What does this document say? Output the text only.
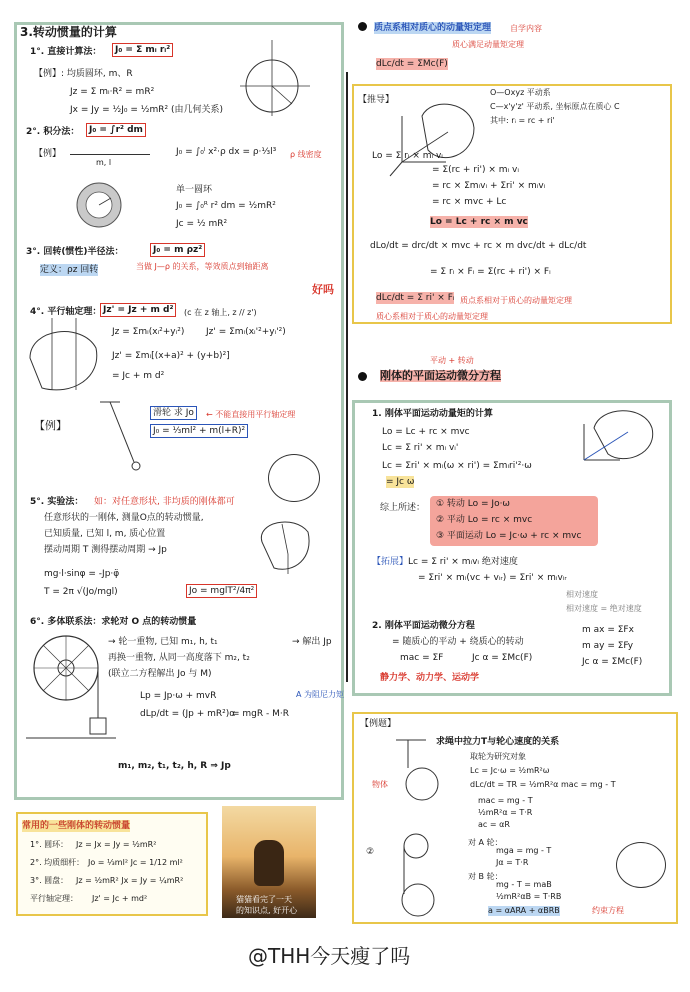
3.转动惯量的计算
1°. 直接计算法：	J₀ = Σ mᵢ rᵢ²
【例】: 均质圆环, m、R
Jz = Σ mᵢ·R² = mR²
Jx = Jy = ½J₀ = ½mR² (由几何关系)
2°. 积分法：	J₀ = ∫r² dm
【例】
m, l
J₀ = ∫₀ˡ x²·ρ dx = ρ·⅓l³ ρ 线密度
单一圆环
J₀ = ∫₀ᴿ r² dm = ½mR²
Jc = ⅟₂ mR²
3°. 回转(惯性)半径法：	J₀ = m ρz²
定义：ρz 回转	当做 J—ρ 的关系，等效质点到轴距离
好吗
4°. 平行轴定理： Jz' = Jz + m d²	(c 在 z 轴上, z // z')
Jz = Σmᵢ(xᵢ²+yᵢ²) Jz' = Σmᵢ(xᵢ'²+yᵢ'²)
Jz' = Σmᵢ[(x+a)² + (y+b)²]
= Jc + m d²
【例】
滑轮 求 Jo
J₀ = ⅓ml² + m(l+R)²
← 不能直接用平行轴定理
5°. 实验法： 如：对任意形状, 非均质的刚体都可
任意形状的一刚体, 测量O点的转动惯量,
已知质量, 已知 l, m, 质心位置
摆动周期 T 测得摆动周期 → Jp
mg·l·sinφ = -Jp·φ̈
T = 2π √(Jo/mgl)	Jo = mglT²/4π²
6°. 多体联系法：求轮对 O 点的转动惯量
→ 轮一重物, 已知 m₁, h, t₁
再换一重物, 从同一高度落下 m₂, t₂
(联立二方程解出 Jo 与 M)
→ 解出 Jp
Lp = Jp·ω + mvR
dLp/dt = (Jp + mR²)α
= mgR - M·R
A 为阻尼力矩
m₁, m₂, t₁, t₂, h, R ⇒ Jp
常用的一些刚体的转动惯量
1°. 圆环： Jz = Jx = Jy = ½mR²
2°. 均质细杆： Jo = ⅓ml² Jc = 1/12 ml²
3°. 圆盘： Jz = ½mR² Jx = Jy = ¼mR²
平行轴定理： Jz' = Jc + md²	猫猫看完了一天
的知识点, 好开心
质点系相对质心的动量矩定理 自学内容
质心满足动量矩定理
dLc/dt = ΣMc(F)
【推导】
O—Oxyz 平动系
C—x'y'z' 平动系, 坐标原点在质心 C
其中: rᵢ = rc + ri'
Lo = Σ rᵢ × mᵢ vᵢ
= Σ(rc + ri') × mᵢ vᵢ
= rc × Σmᵢvᵢ + Σri' × mᵢvᵢ
= rc × mvc + Lc
Lo = Lc + rc × m vc
dLo/dt = drc/dt × mvc + rc × m dvc/dt + dLc/dt
= Σ rᵢ × Fᵢ = Σ(rc + ri') × Fᵢ
dLc/dt = Σ ri' × Fᵢ 质点系相对于质心的动量矩定理
质心系相对于质心的动量矩定理
平动 + 转动
刚体的平面运动微分方程
1. 刚体平面运动动量矩的计算
Lo = Lc + rc × mvc
Lc = Σ ri' × mᵢ vᵢ'
Lc = Σri' × mᵢ(ω × ri') = Σmᵢri'²·ω
= Jc ω
综上所述： ① 转动 Lo = Jo·ω
② 平动 Lo = rc × mvc
③ 平面运动 Lo = Jc·ω + rc × mvc
【拓展】 Lc = Σ ri' × mᵢvᵢ 绝对速度
= Σri' × mᵢ(vc + vᵢᵣ) = Σri' × mᵢvᵢᵣ
相对速度
相对速度 = 绝对速度
2. 刚体平面运动微分方程
= 随质心的平动 + 绕质心的转动
mac = ΣF	Jc α = ΣMc(F)
m ax = ΣFx
m ay = ΣFy
Jc α = ΣMc(F)
静力学、动力学、运动学
【例题】
求绳中拉力T与轮心速度的关系
取轮为研究对象
Lc = Jc·ω = ½mR²ω
dLc/dt = TR = ½mR²α mac = mg - T
mac = mg - T
½mR²α = T·R
ac = αR
②
对 A 轮：
mga = mg - T
Jα = T·R
对 B 轮：
mg - T = maB
½mR²αB = T·RB
a = αARA + αBRB	约束方程
物体
@THH今天瘦了吗
